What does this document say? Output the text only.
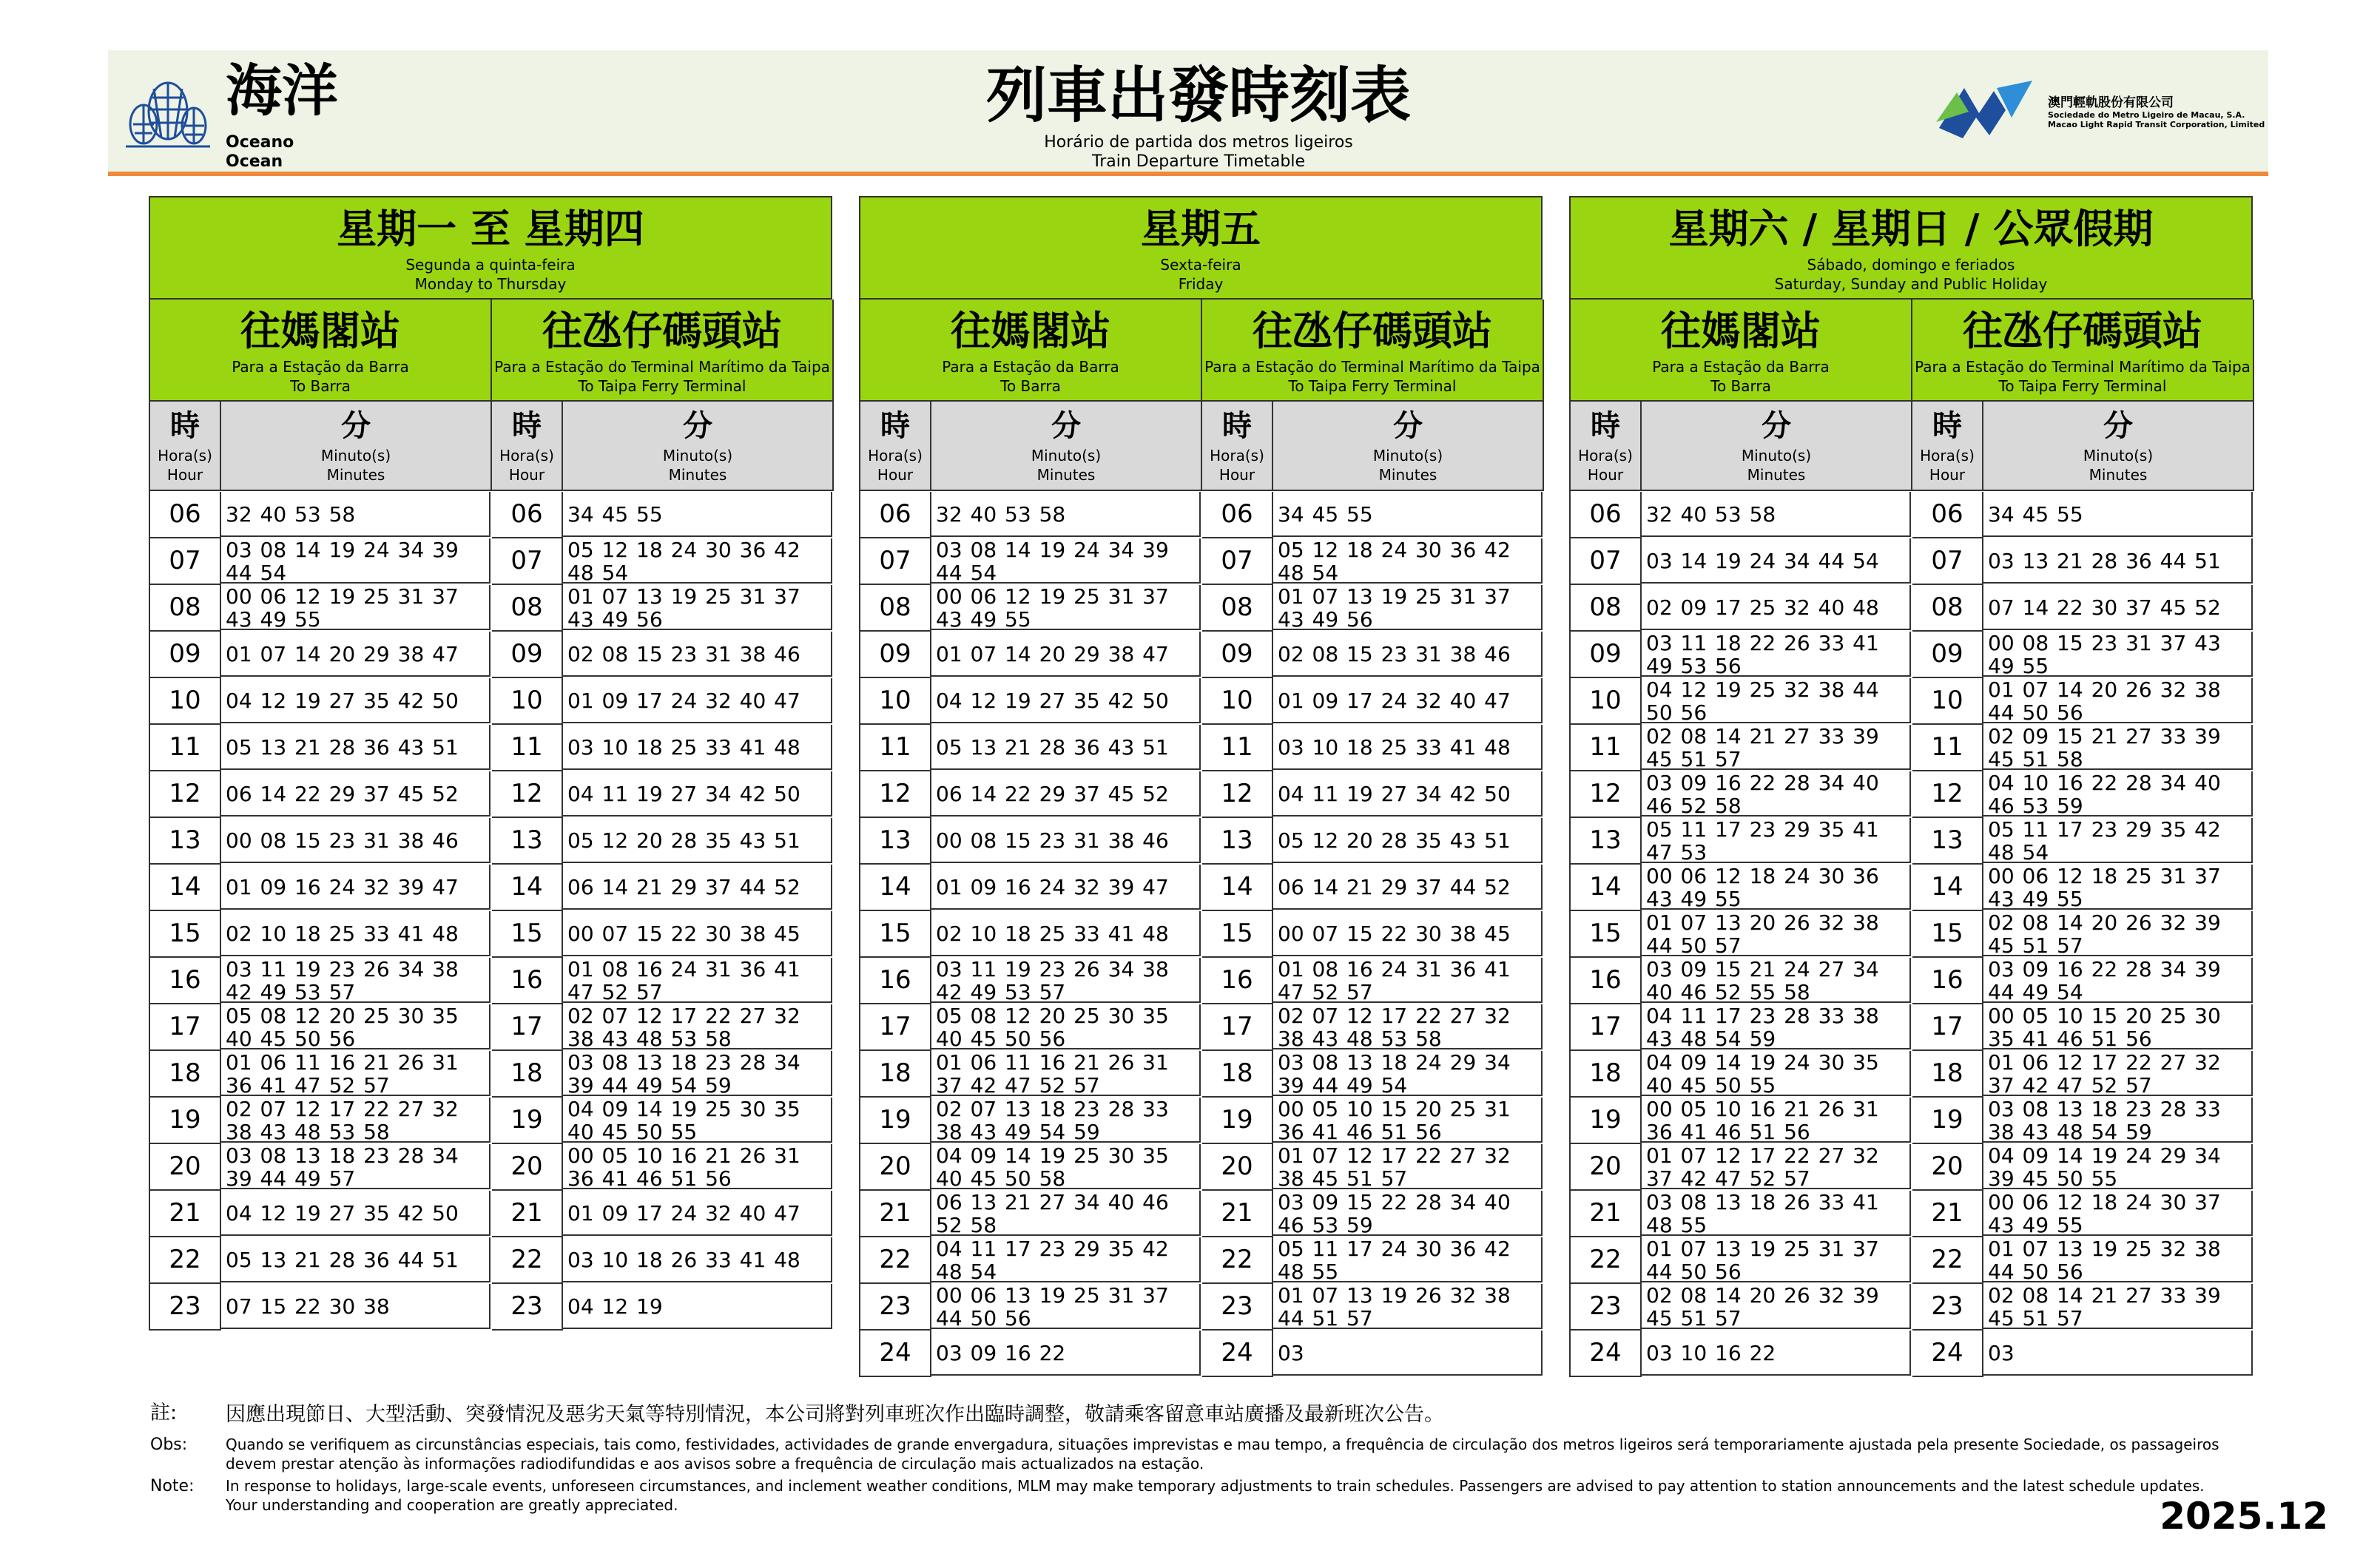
海洋
Oceano
Ocean
列車出發時刻表
Horário de partida dos metros ligeiros
Train Departure Timetable
澳門輕軌股份有限公司
Sociedade do Metro Ligeiro de Macau, S.A.
Macao Light Rapid Transit Corporation, Limited
星期一 至 星期四
Segunda a quinta-feira
Monday to Thursday
往媽閣站
Para a Estação da Barra
To Barra
時
Hora(s)
Hour
分
Minuto(s)
Minutes
06	32 40 53 58
07	03 08 14 19 24 34 39 44 54
08	00 06 12 19 25 31 37 43 49 55
09	01 07 14 20 29 38 47
10	04 12 19 27 35 42 50
11	05 13 21 28 36 43 51
12	06 14 22 29 37 45 52
13	00 08 15 23 31 38 46
14	01 09 16 24 32 39 47
15	02 10 18 25 33 41 48
16	03 11 19 23 26 34 38 42 49 53 57
17	05 08 12 20 25 30 35 40 45 50 56
18	01 06 11 16 21 26 31 36 41 47 52 57
19	02 07 12 17 22 27 32 38 43 48 53 58
20	03 08 13 18 23 28 34 39 44 49 57
21	04 12 19 27 35 42 50
22	05 13 21 28 36 44 51
23	07 15 22 30 38
往氹仔碼頭站
Para a Estação do Terminal Marítimo da Taipa
To Taipa Ferry Terminal
時
Hora(s)
Hour
分
Minuto(s)
Minutes
06	34 45 55
07	05 12 18 24 30 36 42 48 54
08	01 07 13 19 25 31 37 43 49 56
09	02 08 15 23 31 38 46
10	01 09 17 24 32 40 47
11	03 10 18 25 33 41 48
12	04 11 19 27 34 42 50
13	05 12 20 28 35 43 51
14	06 14 21 29 37 44 52
15	00 07 15 22 30 38 45
16	01 08 16 24 31 36 41 47 52 57
17	02 07 12 17 22 27 32 38 43 48 53 58
18	03 08 13 18 23 28 34 39 44 49 54 59
19	04 09 14 19 25 30 35 40 45 50 55
20	00 05 10 16 21 26 31 36 41 46 51 56
21	01 09 17 24 32 40 47
22	03 10 18 26 33 41 48
23	04 12 19
星期五
Sexta-feira
Friday
往媽閣站
Para a Estação da Barra
To Barra
時
Hora(s)
Hour
分
Minuto(s)
Minutes
06	32 40 53 58
07	03 08 14 19 24 34 39 44 54
08	00 06 12 19 25 31 37 43 49 55
09	01 07 14 20 29 38 47
10	04 12 19 27 35 42 50
11	05 13 21 28 36 43 51
12	06 14 22 29 37 45 52
13	00 08 15 23 31 38 46
14	01 09 16 24 32 39 47
15	02 10 18 25 33 41 48
16	03 11 19 23 26 34 38 42 49 53 57
17	05 08 12 20 25 30 35 40 45 50 56
18	01 06 11 16 21 26 31 37 42 47 52 57
19	02 07 13 18 23 28 33 38 43 49 54 59
20	04 09 14 19 25 30 35 40 45 50 58
21	06 13 21 27 34 40 46 52 58
22	04 11 17 23 29 35 42 48 54
23	00 06 13 19 25 31 37 44 50 56
24	03 09 16 22
往氹仔碼頭站
Para a Estação do Terminal Marítimo da Taipa
To Taipa Ferry Terminal
時
Hora(s)
Hour
分
Minuto(s)
Minutes
06	34 45 55
07	05 12 18 24 30 36 42 48 54
08	01 07 13 19 25 31 37 43 49 56
09	02 08 15 23 31 38 46
10	01 09 17 24 32 40 47
11	03 10 18 25 33 41 48
12	04 11 19 27 34 42 50
13	05 12 20 28 35 43 51
14	06 14 21 29 37 44 52
15	00 07 15 22 30 38 45
16	01 08 16 24 31 36 41 47 52 57
17	02 07 12 17 22 27 32 38 43 48 53 58
18	03 08 13 18 24 29 34 39 44 49 54
19	00 05 10 15 20 25 31 36 41 46 51 56
20	01 07 12 17 22 27 32 38 45 51 57
21	03 09 15 22 28 34 40 46 53 59
22	05 11 17 24 30 36 42 48 55
23	01 07 13 19 26 32 38 44 51 57
24	03
星期六 / 星期日 / 公眾假期
Sábado, domingo e feriados
Saturday, Sunday and Public Holiday
往媽閣站
Para a Estação da Barra
To Barra
時
Hora(s)
Hour
分
Minuto(s)
Minutes
06	32 40 53 58
07	03 14 19 24 34 44 54
08	02 09 17 25 32 40 48
09	03 11 18 22 26 33 41 49 53 56
10	04 12 19 25 32 38 44 50 56
11	02 08 14 21 27 33 39 45 51 57
12	03 09 16 22 28 34 40 46 52 58
13	05 11 17 23 29 35 41 47 53
14	00 06 12 18 24 30 36 43 49 55
15	01 07 13 20 26 32 38 44 50 57
16	03 09 15 21 24 27 34 40 46 52 55 58
17	04 11 17 23 28 33 38 43 48 54 59
18	04 09 14 19 24 30 35 40 45 50 55
19	00 05 10 16 21 26 31 36 41 46 51 56
20	01 07 12 17 22 27 32 37 42 47 52 57
21	03 08 13 18 26 33 41 48 55
22	01 07 13 19 25 31 37 44 50 56
23	02 08 14 20 26 32 39 45 51 57
24	03 10 16 22
往氹仔碼頭站
Para a Estação do Terminal Marítimo da Taipa
To Taipa Ferry Terminal
時
Hora(s)
Hour
分
Minuto(s)
Minutes
06	34 45 55
07	03 13 21 28 36 44 51
08	07 14 22 30 37 45 52
09	00 08 15 23 31 37 43 49 55
10	01 07 14 20 26 32 38 44 50 56
11	02 09 15 21 27 33 39 45 51 58
12	04 10 16 22 28 34 40 46 53 59
13	05 11 17 23 29 35 42 48 54
14	00 06 12 18 25 31 37 43 49 55
15	02 08 14 20 26 32 39 45 51 57
16	03 09 16 22 28 34 39 44 49 54
17	00 05 10 15 20 25 30 35 41 46 51 56
18	01 06 12 17 22 27 32 37 42 47 52 57
19	03 08 13 18 23 28 33 38 43 48 54 59
20	04 09 14 19 24 29 34 39 45 50 55
21	00 06 12 18 24 30 37 43 49 55
22	01 07 13 19 25 32 38 44 50 56
23	02 08 14 21 27 33 39 45 51 57
24	03
註: 因應出現節日、大型活動、突發情況及惡劣天氣等特別情況，本公司將對列車班次作出臨時調整，敬請乘客留意車站廣播及最新班次公告。
Obs:	Quando se verifiquem as circunstâncias especiais, tais como, festividades, actividades de grande envergadura, situações imprevistas e mau tempo, a frequência de circulação dos metros ligeiros será temporariamente ajustada pela presente Sociedade, os passageiros devem prestar atenção às informações radiodifundidas e aos avisos sobre a frequência de circulação mais actualizados na estação.
Note: In response to holidays, large-scale events, unforeseen circumstances, and inclement weather conditions, MLM may make temporary adjustments to train schedules. Passengers are advised to pay attention to station announcements and the latest schedule updates. Your understanding and cooperation are greatly appreciated.	2025.12
